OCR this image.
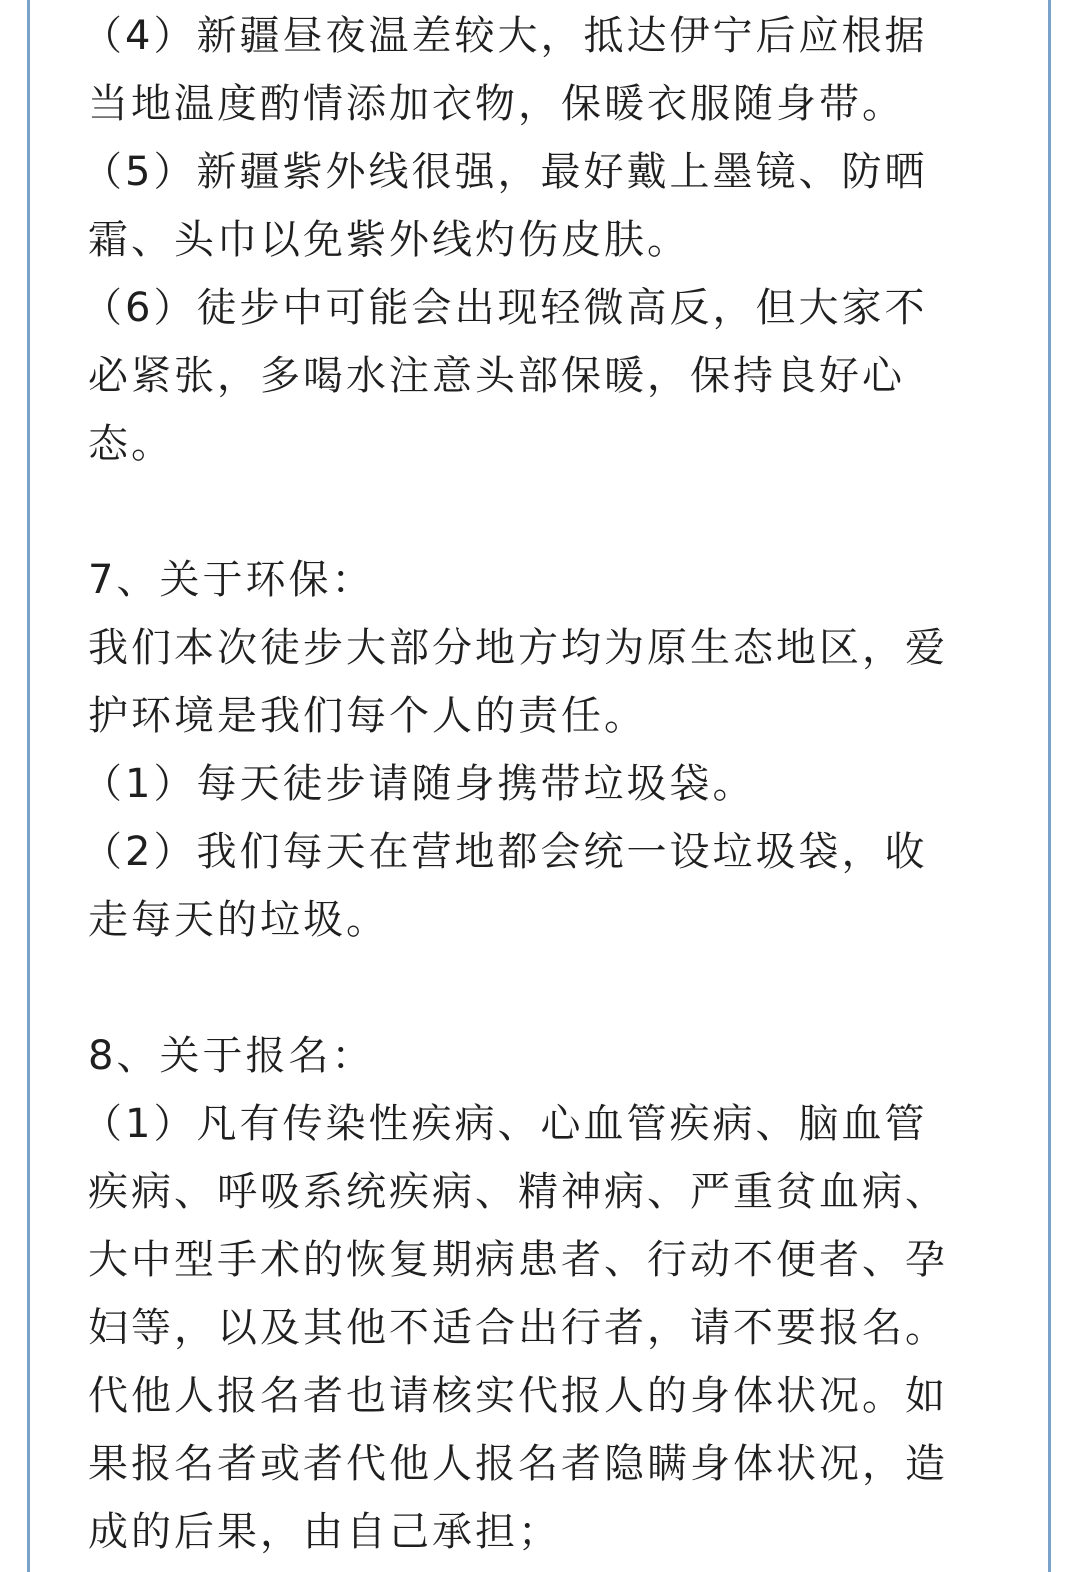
（4）新疆昼夜温差较大，抵达伊宁后应根据
当地温度酌情添加衣物，保暖衣服随身带。
（5）新疆紫外线很强，最好戴上墨镜、防晒
霜、头巾以免紫外线灼伤皮肤。
（6）徒步中可能会出现轻微高反，但大家不
必紧张，多喝水注意头部保暖，保持良好心
态。
7、关于环保：
我们本次徒步大部分地方均为原生态地区，爱
护环境是我们每个人的责任。
（1）每天徒步请随身携带垃圾袋。
（2）我们每天在营地都会统一设垃圾袋，收
走每天的垃圾。
8、关于报名：
（1）凡有传染性疾病、心血管疾病、脑血管
疾病、呼吸系统疾病、精神病、严重贫血病、
大中型手术的恢复期病患者、行动不便者、孕
妇等，以及其他不适合出行者，请不要报名。
代他人报名者也请核实代报人的身体状况。如
果报名者或者代他人报名者隐瞒身体状况，造
成的后果，由自己承担；
